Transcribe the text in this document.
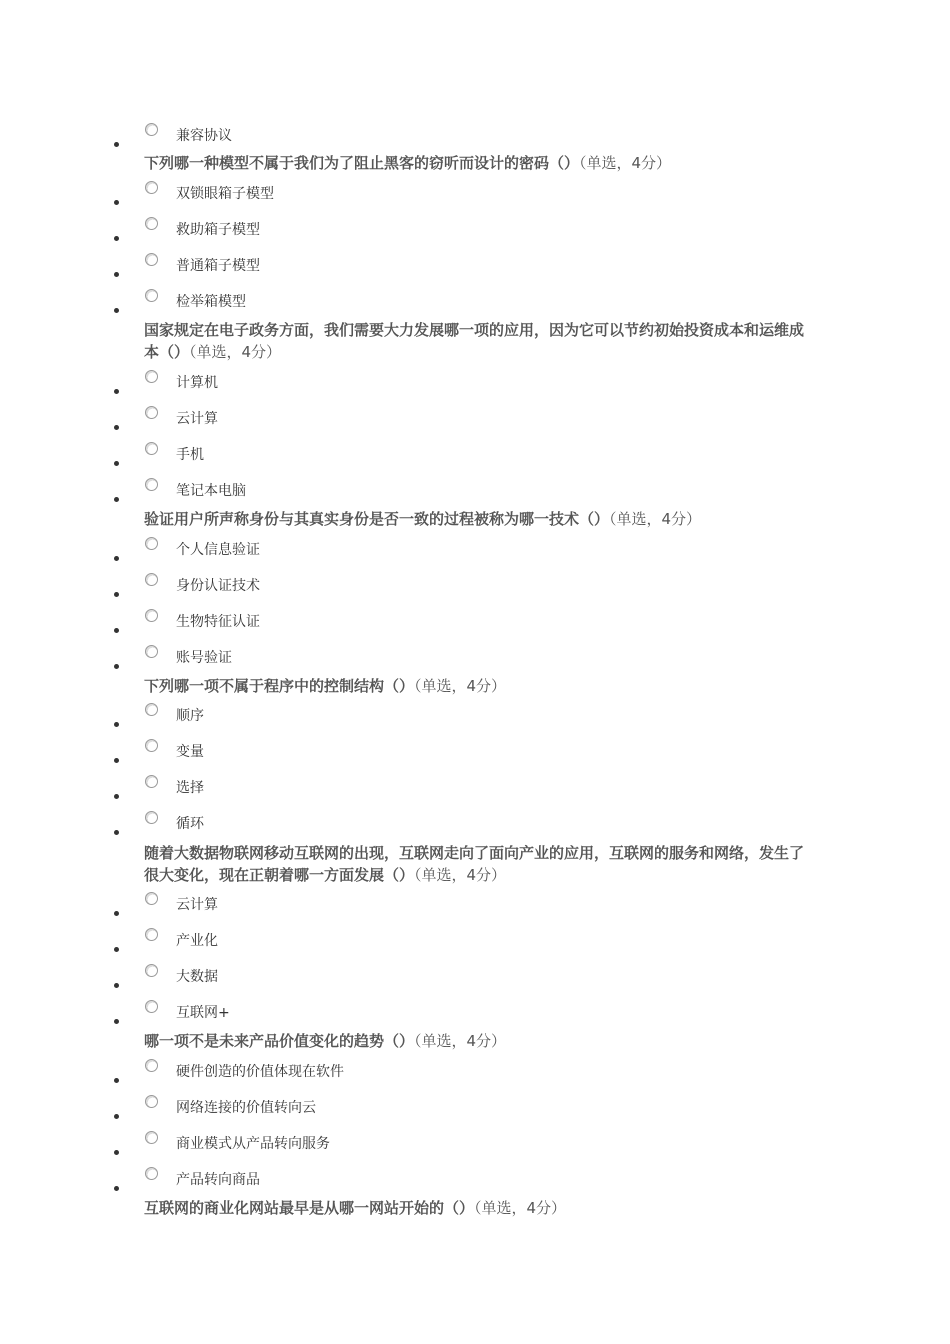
兼容协议
下列哪一种模型不属于我们为了阻止黑客的窃听而设计的密码（）（单选，4分）
双锁眼箱子模型
救助箱子模型
普通箱子模型
检举箱模型
国家规定在电子政务方面，我们需要大力发展哪一项的应用，因为它可以节约初始投资成本和运维成本（）（单选，4分）
计算机
云计算
手机
笔记本电脑
验证用户所声称身份与其真实身份是否一致的过程被称为哪一技术（）（单选，4分）
个人信息验证
身份认证技术
生物特征认证
账号验证
下列哪一项不属于程序中的控制结构（）（单选，4分）
顺序
变量
选择
循环
随着大数据物联网移动互联网的出现，互联网走向了面向产业的应用，互联网的服务和网络，发生了很大变化，现在正朝着哪一方面发展（）（单选，4分）
云计算
产业化
大数据
互联网+
哪一项不是未来产品价值变化的趋势（）（单选，4分）
硬件创造的价值体现在软件
网络连接的价值转向云
商业模式从产品转向服务
产品转向商品
互联网的商业化网站最早是从哪一网站开始的（）（单选，4分）
